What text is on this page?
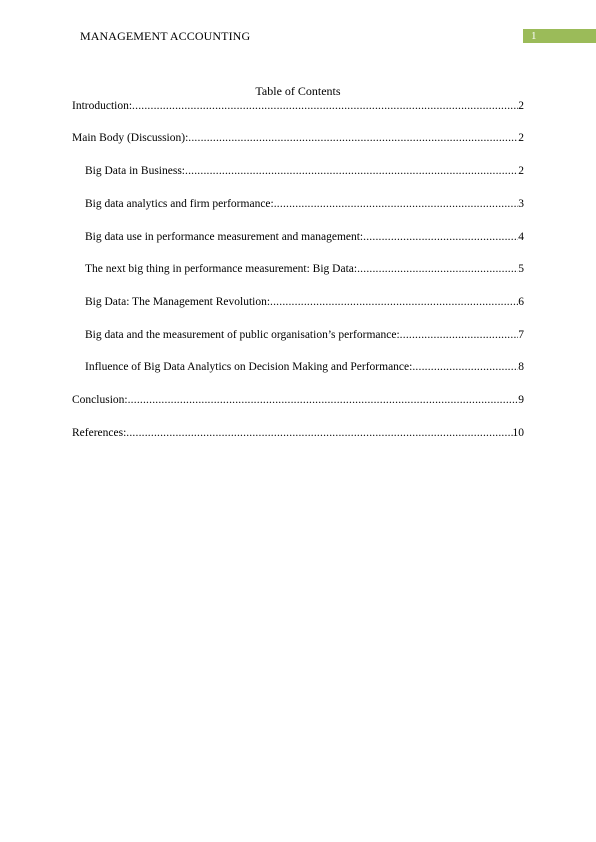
MANAGEMENT ACCOUNTING	1
Table of Contents
Introduction: .....	2
Main Body (Discussion): .....	2
Big Data in Business: .....	2
Big data analytics and firm performance: .....	3
Big data use in performance measurement and management: .....	4
The next big thing in performance measurement: Big Data: .....	5
Big Data: The Management Revolution: .....	6
Big data and the measurement of public organisation’s performance: .....	7
Influence of Big Data Analytics on Decision Making and Performance: .....	8
Conclusion: .....	9
References: .....	10
